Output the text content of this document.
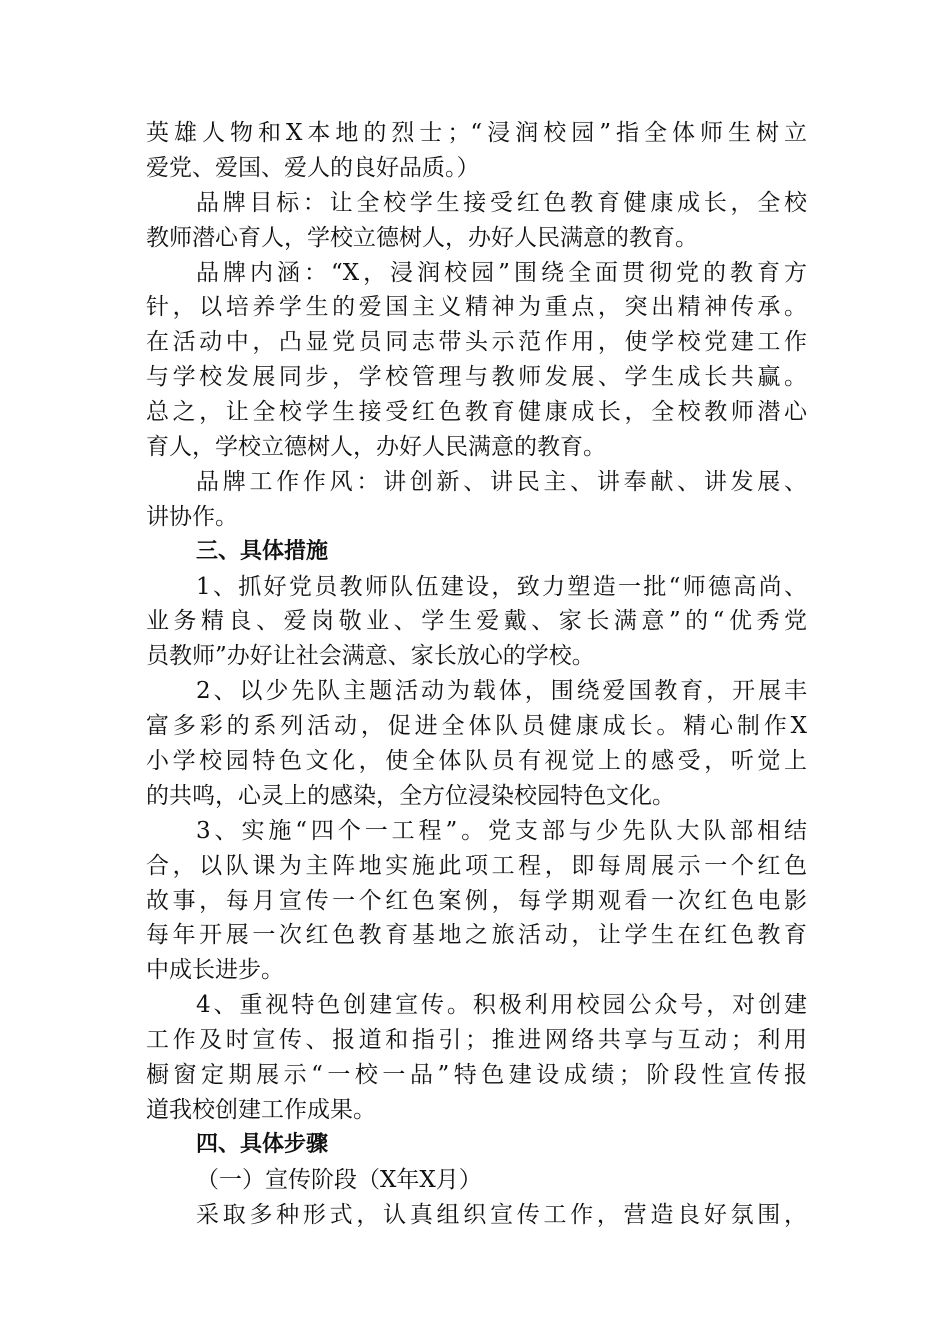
英雄人物和X本地的烈士；“浸润校园”指全体师生树立
爱党、爱国、爱人的良好品质。）
品牌目标：让全校学生接受红色教育健康成长，全校
教师潜心育人，学校立德树人，办好人民满意的教育。
品牌内涵：“X，浸润校园”围绕全面贯彻党的教育方
针，以培养学生的爱国主义精神为重点，突出精神传承。
在活动中，凸显党员同志带头示范作用，使学校党建工作
与学校发展同步，学校管理与教师发展、学生成长共赢。
总之，让全校学生接受红色教育健康成长，全校教师潜心
育人，学校立德树人，办好人民满意的教育。
品牌工作作风：讲创新、讲民主、讲奉献、讲发展、
讲协作。
三、具体措施
1、抓好党员教师队伍建设，致力塑造一批“师德高尚、
业务精良、爱岗敬业、学生爱戴、家长满意”的“优秀党
员教师”办好让社会满意、家长放心的学校。
2、以少先队主题活动为载体，围绕爱国教育，开展丰
富多彩的系列活动，促进全体队员健康成长。精心制作X
小学校园特色文化，使全体队员有视觉上的感受，听觉上
的共鸣，心灵上的感染，全方位浸染校园特色文化。
3、实施“四个一工程”。党支部与少先队大队部相结
合，以队课为主阵地实施此项工程，即每周展示一个红色
故事，每月宣传一个红色案例，每学期观看一次红色电影
每年开展一次红色教育基地之旅活动，让学生在红色教育
中成长进步。
4、重视特色创建宣传。积极利用校园公众号，对创建
工作及时宣传、报道和指引；推进网络共享与互动；利用
橱窗定期展示“一校一品”特色建设成绩；阶段性宣传报
道我校创建工作成果。
四、具体步骤
（一）宣传阶段（X年X月）
采取多种形式，认真组织宣传工作，营造良好氛围，
